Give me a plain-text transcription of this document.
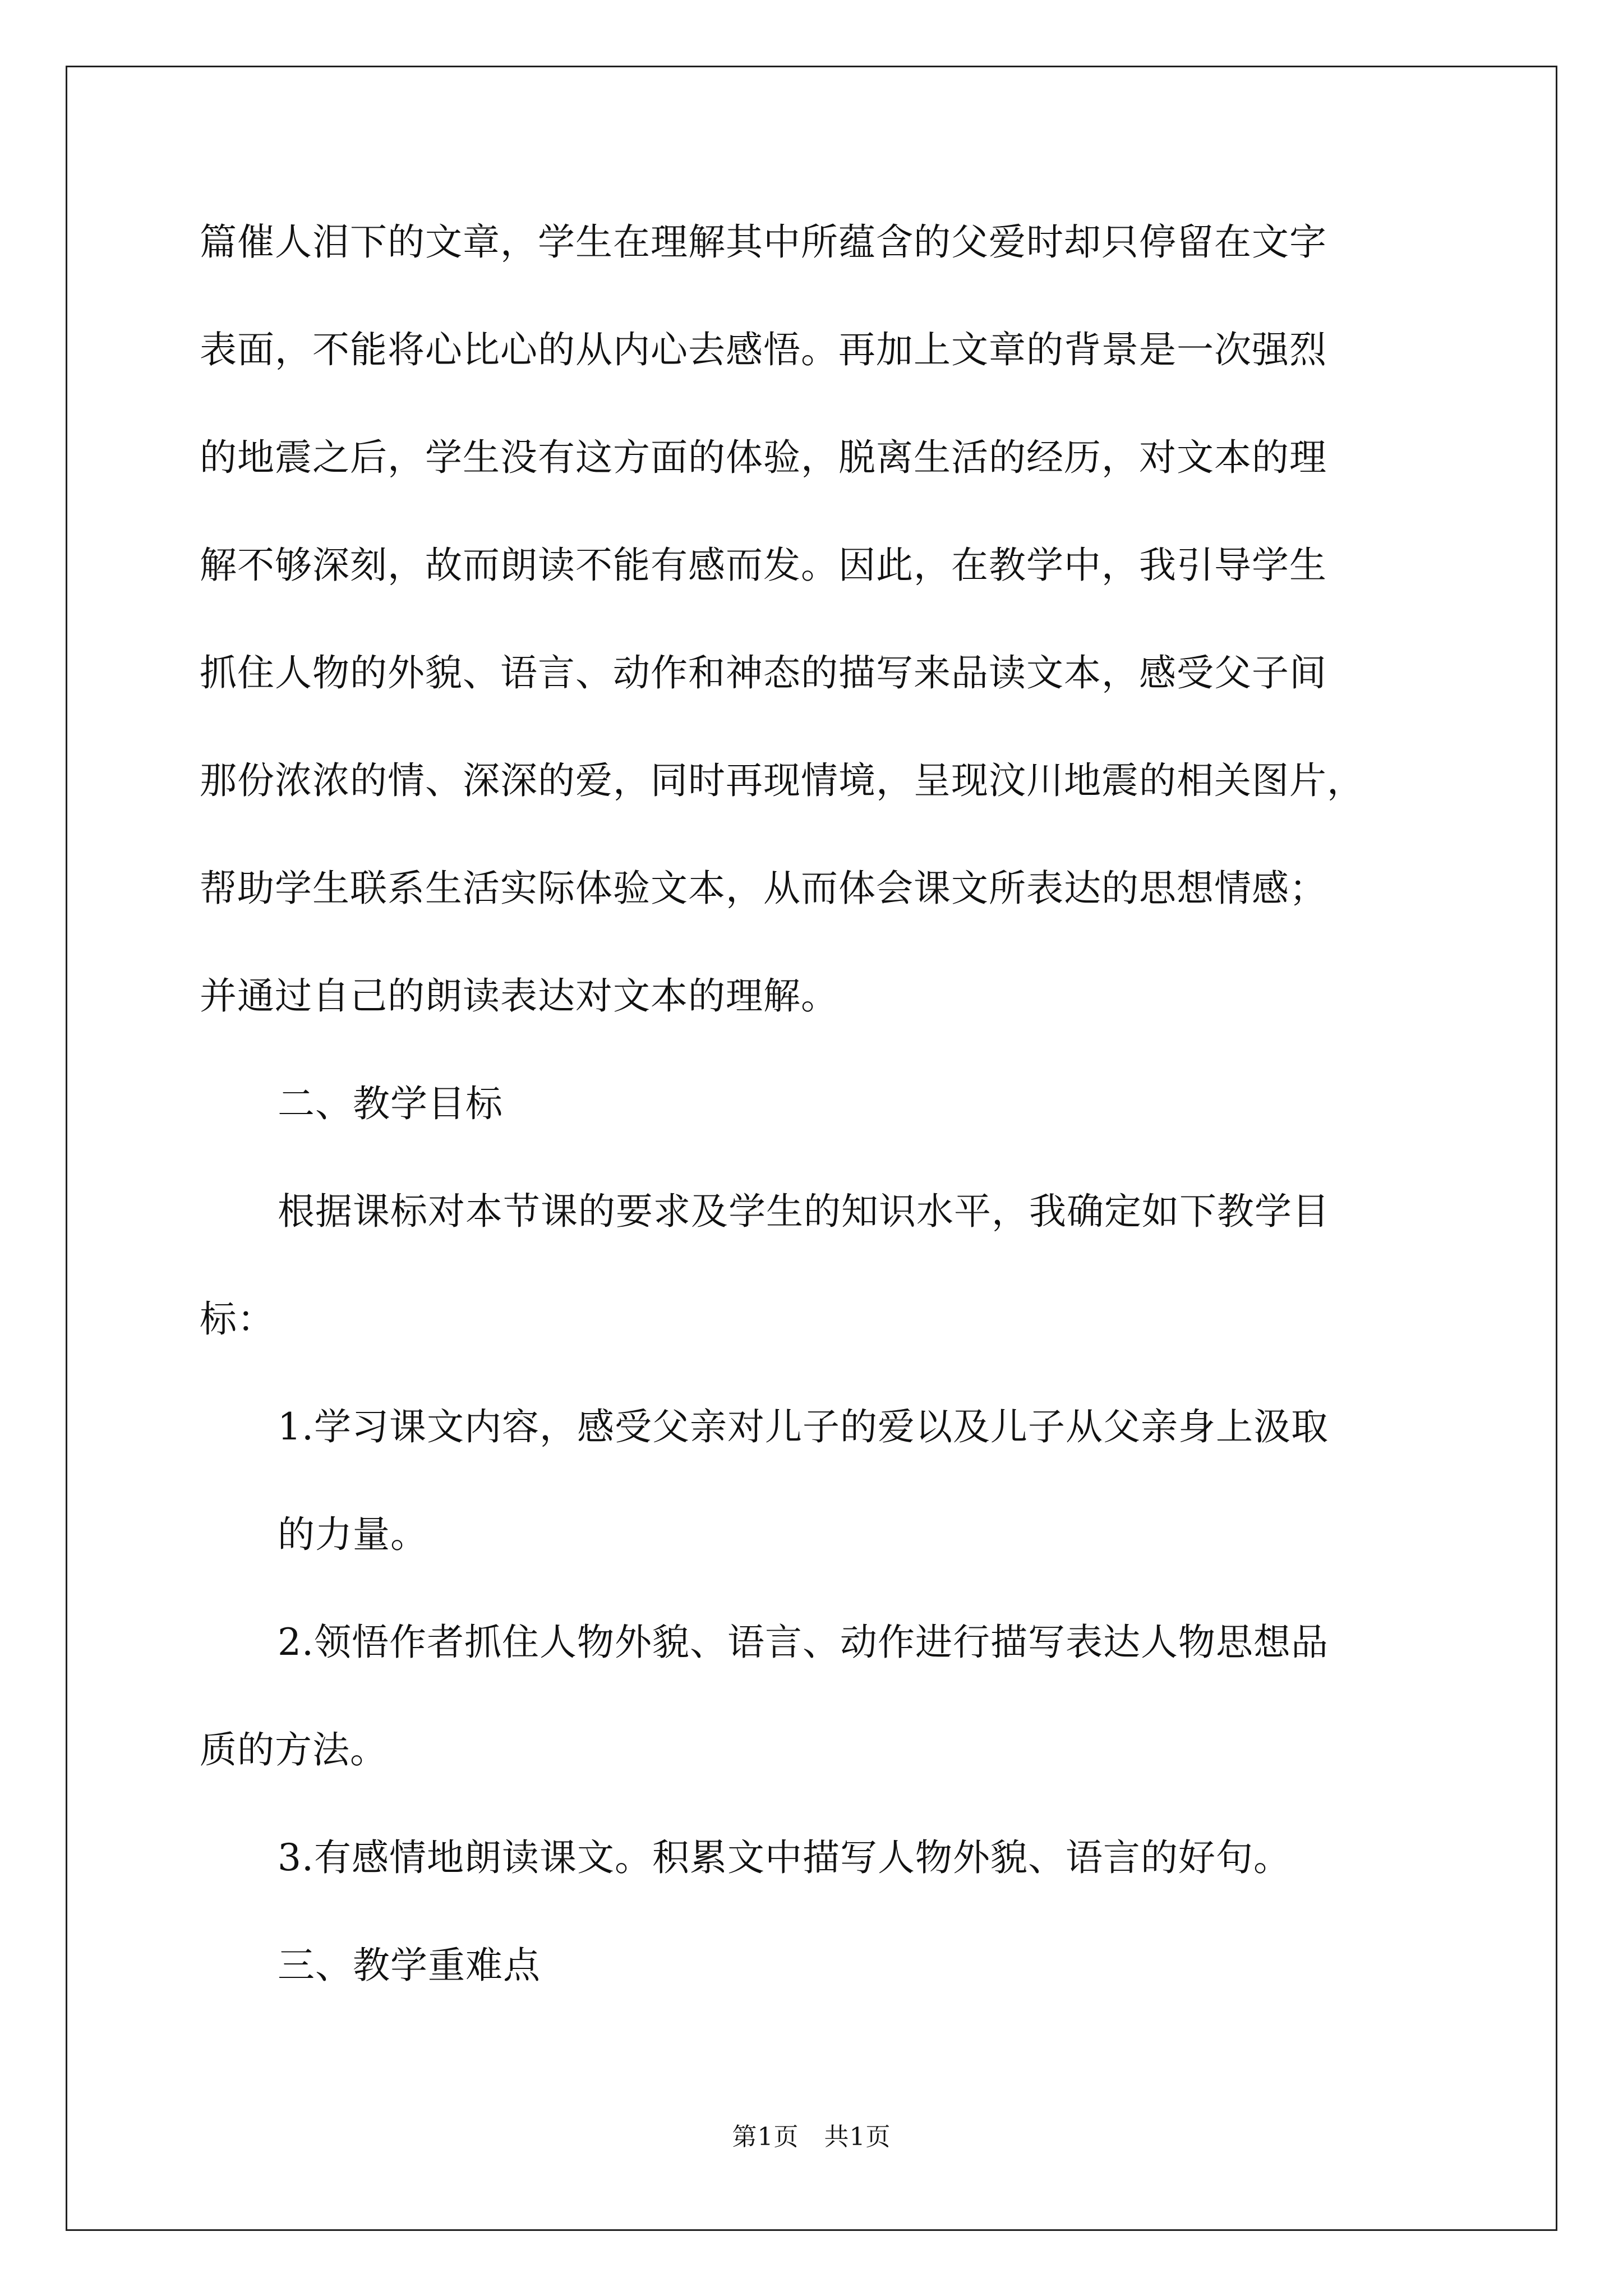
篇催人泪下的文章，学生在理解其中所蕴含的父爱时却只停留在文字
表面，不能将心比心的从内心去感悟。再加上文章的背景是一次强烈
的地震之后，学生没有这方面的体验，脱离生活的经历，对文本的理
解不够深刻，故而朗读不能有感而发。因此，在教学中，我引导学生
抓住人物的外貌、语言、动作和神态的描写来品读文本，感受父子间
那份浓浓的情、深深的爱，同时再现情境，呈现汶川地震的相关图片，
帮助学生联系生活实际体验文本，从而体会课文所表达的思想情感；
并通过自己的朗读表达对文本的理解。
二、教学目标
根据课标对本节课的要求及学生的知识水平，我确定如下教学目
标：
1.学习课文内容，感受父亲对儿子的爱以及儿子从父亲身上汲取
的力量。
2.领悟作者抓住人物外貌、语言、动作进行描写表达人物思想品
质的方法。
3.有感情地朗读课文。积累文中描写人物外貌、语言的好句。
三、教学重难点
第1页　共1页
